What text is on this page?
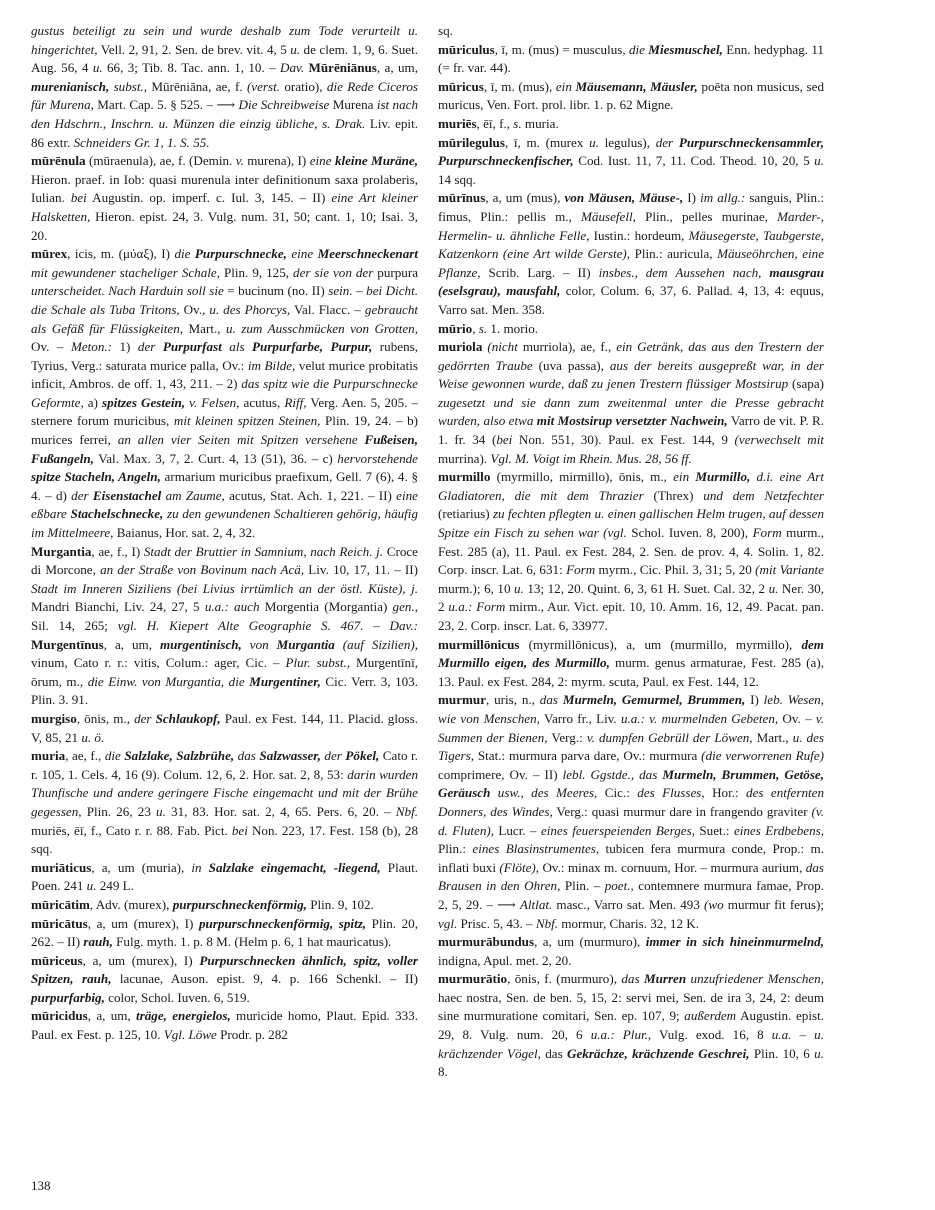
gustus beteiligt zu sein und wurde deshalb zum Tode verurteilt u. hingerichtet, Vell. 2, 91, 2. Sen. de brev. vit. 4, 5 u. de clem. 1, 9, 6. Suet. Aug. 56, 4 u. 66, 3; Tib. 8. Tac. ann. 1, 10. – Dav. Mūrēniānus, a, um, murenianisch, subst., Mūrēniāna, ae, f. (verst. oratio), die Rede Ciceros für Murena, Mart. Cap. 5. § 525. – ⟶ Die Schreibweise Murena ist nach den Hdschrn., Inschrn. u. Münzen die einzig übliche, s. Drak. Liv. epit. 86 extr. Schneiders Gr. 1, 1. S. 55.

mūrēnula (mūraenula), ae, f. (Demin. v. murena), I) eine kleine Muräne, Hieron. praef. in Iob: quasi murenula inter definitionum saxa prolaberis, Iulian. bei Augustin. op. imperf. c. Iul. 3, 145. – II) eine Art kleiner Halsketten, Hieron. epist. 24, 3. Vulg. num. 31, 50; cant. 1, 10; Isai. 3, 20.

mūrex, icis, m. (μύαξ), I) die Purpurschnecke, eine Meerschneckenart mit gewundener stacheliger Schale, Plin. 9, 125, der sie von der purpura unterscheidet. Nach Harduin soll sie = bucinum (no. II) sein. – bei Dicht. die Schale als Tuba Tritons, Ov., u. des Phorcys, Val. Flacc. – gebraucht als Gefäß für Flüssigkeiten, Mart., u. zum Ausschmücken von Grotten, Ov. – Meton.: 1) der Purpurfast als Purpurfarbe, Purpur, rubens, Tyrius, Verg.: saturata murice palla, Ov.: im Bilde, velut murice probitatis inficit, Ambros. de off. 1, 43, 211. – 2) das spitz wie die Purpurschnecke Geformte, a) spitzes Gestein, v. Felsen, acutus, Riff, Verg. Aen. 5, 205. – sternere forum muricibus, mit kleinen spitzen Steinen, Plin. 19, 24. – b) murices ferrei, an allen vier Seiten mit Spitzen versehene Fußeisen, Fußangeln, Val. Max. 3, 7, 2. Curt. 4, 13 (51), 36. – c) hervorstehende spitze Stacheln, Angeln, armarium muricibus praefixum, Gell. 7 (6), 4. § 4. – d) der Eisenstachel am Zaume, acutus, Stat. Ach. 1, 221. – II) eine eßbare Stachelschnecke, zu den gewundenen Schaltieren gehörig, häufig im Mittelmeere, Baianus, Hor. sat. 2, 4, 32.

Murgantia, ae, f., I) Stadt der Bruttier in Samnium, nach Reich. j. Croce di Morcone, an der Straße von Bovinum nach Acä, Liv. 10, 17, 11. – II) Stadt im Inneren Siziliens (bei Livius irrtümlich an der östl. Küste), j. Mandri Bianchi, Liv. 24, 27, 5 u.a.: auch Morgentia (Morgantia) gen., Sil. 14, 265; vgl. H. Kiepert Alte Geographie S. 467. – Dav.: Murgentīnus, a, um, murgentinisch, von Murgantia (auf Sizilien), vinum, Cato r. r.: vitis, Colum.: ager, Cic. – Plur. subst., Murgentīnī, ōrum, m., die Einw. von Murgantia, die Murgentiner, Cic. Verr. 3, 103. Plin. 3. 91.

murgiso, ōnis, m., der Schlaukopf, Paul. ex Fest. 144, 11. Placid. gloss. V, 85, 21 u. ö.

muria, ae, f., die Salzlake, Salzbrühe, das Salzwasser, der Pökel, Cato r. r. 105, 1. Cels. 4, 16 (9). Colum. 12, 6, 2. Hor. sat. 2, 8, 53: darin wurden Thunfische und andere geringere Fische eingemacht und mit der Brühe gegessen, Plin. 26, 23 u. 31, 83. Hor. sat. 2, 4, 65. Pers. 6, 20. – Nbf. muriēs, ēī, f., Cato r. r. 88. Fab. Pict. bei Non. 223, 17. Fest. 158 (b), 28 sqq.

muriāticus, a, um (muria), in Salzlake eingemacht, -liegend, Plaut. Poen. 241 u. 249 L.

mūricātim, Adv. (murex), purpurschneckenförmig, Plin. 9, 102.

mūricātus, a, um (murex), I) purpurschneckenförmig, spitz, Plin. 20, 262. – II) rauh, Fulg. myth. 1. p. 8 M. (Helm p. 6, 1 hat mauricatus).

mūriceus, a, um (murex), I) Purpurschnecken ähnlich, spitz, voller Spitzen, rauh, lacunae, Auson. epist. 9, 4. p. 166 Schenkl. – II) purpurfarbig, color, Schol. Iuven. 6, 519.

mūricidus, a, um, träge, energielos, muricide homo, Plaut. Epid. 333. Paul. ex Fest. p. 125, 10. Vgl. Löwe Prodr. p. 282

sq.

mūriculus, ī, m. (mus) = musculus, die Miesmuschel, Enn. hedyphag. 11 (= fr. var. 44).

mūricus, ī, m. (mus), ein Mäusemann, Mäusler, poēta non musicus, sed muricus, Ven. Fort. prol. libr. 1. p. 62 Migne.

muriēs, ēī, f., s. muria.

mūrilegulus, ī, m. (murex u. legulus), der Purpurschneckensammler, Purpurschneckenfischer, Cod. Iust. 11, 7, 11. Cod. Theod. 10, 20, 5 u. 14 sqq.

mūrīnus, a, um (mus), von Mäusen, Mäuse-, I) im allg.: sanguis, Plin.: fimus, Plin.: pellis m., Mäusefell, Plin., pelles murinae, Marder-, Hermelin- u. ähnliche Felle, Iustin.: hordeum, Mäusegerste, Taubgerste, Katzenkorn (eine Art wilde Gerste), Plin.: auricula, Mäuseöhrchen, eine Pflanze, Scrib. Larg. – II) insbes., dem Aussehen nach, mausgrau (eselsgrau), mausfahl, color, Colum. 6, 37, 6. Pallad. 4, 13, 4: equus, Varro sat. Men. 358.

mūrio, s. 1. morio.

muriola (nicht murriola), ae, f., ein Getränk, das aus den Trestern der gedörrten Traube (uva passa), aus der bereits ausgepreßt war, in der Weise gewonnen wurde, daß zu jenen Trestern flüssiger Mostsirup (sapa) zugesetzt und sie dann zum zweitenmal unter die Presse gebracht wurden, also etwa mit Mostsirup versetzter Nachwein, Varro de vit. P. R. 1. fr. 34 (bei Non. 551, 30). Paul. ex Fest. 144, 9 (verwechselt mit murrina). Vgl. M. Voigt im Rhein. Mus. 28, 56 ff.

murmillo (myrmillo, mirmillo), ōnis, m., ein Murmillo, d.i. eine Art Gladiatoren, die mit dem Thrazier (Threx) und dem Netzfechter (retiarius) zu fechten pflegten u. einen gallischen Helm trugen, auf dessen Spitze ein Fisch zu sehen war (vgl. Schol. Iuven. 8, 200), Form murm., Fest. 285 (a), 11. Paul. ex Fest. 284, 2. Sen. de prov. 4, 4. Solin. 1, 82. Corp. inscr. Lat. 6, 631: Form myrm., Cic. Phil. 3, 31; 5, 20 (mit Variante murm.); 6, 10 u. 13; 12, 20. Quint. 6, 3, 61 H. Suet. Cal. 32, 2 u. Ner. 30, 2 u.a.: Form mirm., Aur. Vict. epit. 10, 10. Amm. 16, 12, 49. Pacat. pan. 23, 2. Corp. inscr. Lat. 6, 33977.

murmillōnicus (myrmillōnicus), a, um (murmillo, myrmillo), dem Murmillo eigen, des Murmillo, murm. genus armaturae, Fest. 285 (a), 13. Paul. ex Fest. 284, 2: myrm. scuta, Paul. ex Fest. 144, 12.

murmur, uris, n., das Murmeln, Gemurmel, Brummen, I) leb. Wesen, wie von Menschen, Varro fr., Liv. u.a.: v. murmelnden Gebeten, Ov. – v. Summen der Bienen, Verg.: v. dumpfen Gebrüll der Löwen, Mart., u. des Tigers, Stat.: murmura parva dare, Ov.: murmura (die verworrenen Rufe) comprimere, Ov. – II) lebl. Ggstde., das Murmeln, Brummen, Getöse, Geräusch usw., des Meeres, Cic.: des Flusses, Hor.: des entfernten Donners, des Windes, Verg.: quasi murmur dare in frangendo graviter (v. d. Fluten), Lucr. – eines feuerspeienden Berges, Suet.: eines Erdbebens, Plin.: eines Blasinstrumentes, tubicen fera murmura conde, Prop.: m. inflati buxi (Flöte), Ov.: minax m. cornuum, Hor. – murmura aurium, das Brausen in den Ohren, Plin. – poet., contemnere murmura famae, Prop. 2, 5, 29. – ⟶ Altlat. masc., Varro sat. Men. 493 (wo murmur fit ferus); vgl. Prisc. 5, 43. – Nbf. mormur, Charis. 32, 12 K.

murmurābundus, a, um (murmuro), immer in sich hineinmurmelnd, indigna, Apul. met. 2, 20.

murmurātio, ōnis, f. (murmuro), das Murren unzufriedener Menschen, haec nostra, Sen. de ben. 5, 15, 2: servi mei, Sen. de ira 3, 24, 2: deum sine murmuratione comitari, Sen. ep. 107, 9; außerdem Augustin. epist. 29, 8. Vulg. num. 20, 6 u.a.: Plur., Vulg. exod. 16, 8 u.a. – u. krächzender Vögel, das Gekrächze, krächzende Geschrei, Plin. 10, 6 u. 8.

138
